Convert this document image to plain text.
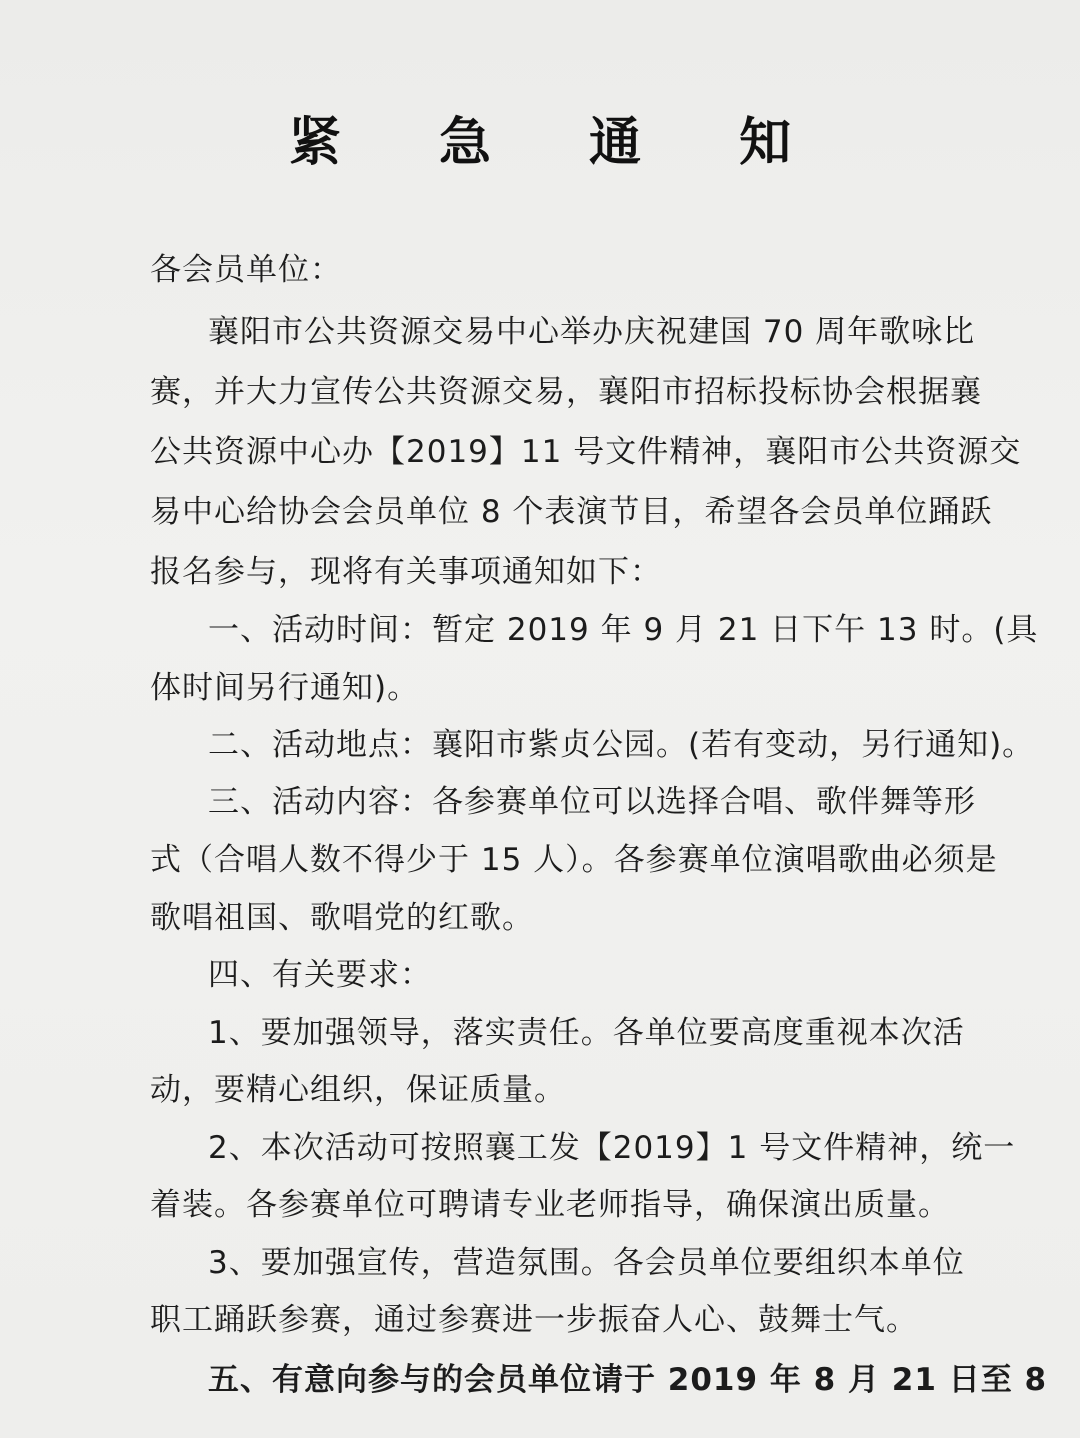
紧 急 通 知
各会员单位：
襄阳市公共资源交易中心举办庆祝建国 70 周年歌咏比
赛，并大力宣传公共资源交易，襄阳市招标投标协会根据襄
公共资源中心办【2019】11 号文件精神，襄阳市公共资源交
易中心给协会会员单位 8 个表演节目，希望各会员单位踊跃
报名参与，现将有关事项通知如下：
一、活动时间：暂定 2019 年 9 月 21 日下午 13 时。(具
体时间另行通知)。
二、活动地点：襄阳市紫贞公园。(若有变动，另行通知)。
三、活动内容：各参赛单位可以选择合唱、歌伴舞等形
式（合唱人数不得少于 15 人）。各参赛单位演唱歌曲必须是
歌唱祖国、歌唱党的红歌。
四、有关要求：
1、要加强领导，落实责任。各单位要高度重视本次活
动，要精心组织，保证质量。
2、本次活动可按照襄工发【2019】1 号文件精神，统一
着装。各参赛单位可聘请专业老师指导，确保演出质量。
3、要加强宣传，营造氛围。各会员单位要组织本单位
职工踊跃参赛，通过参赛进一步振奋人心、鼓舞士气。
五、有意向参与的会员单位请于 2019 年 8 月 21 日至 8
